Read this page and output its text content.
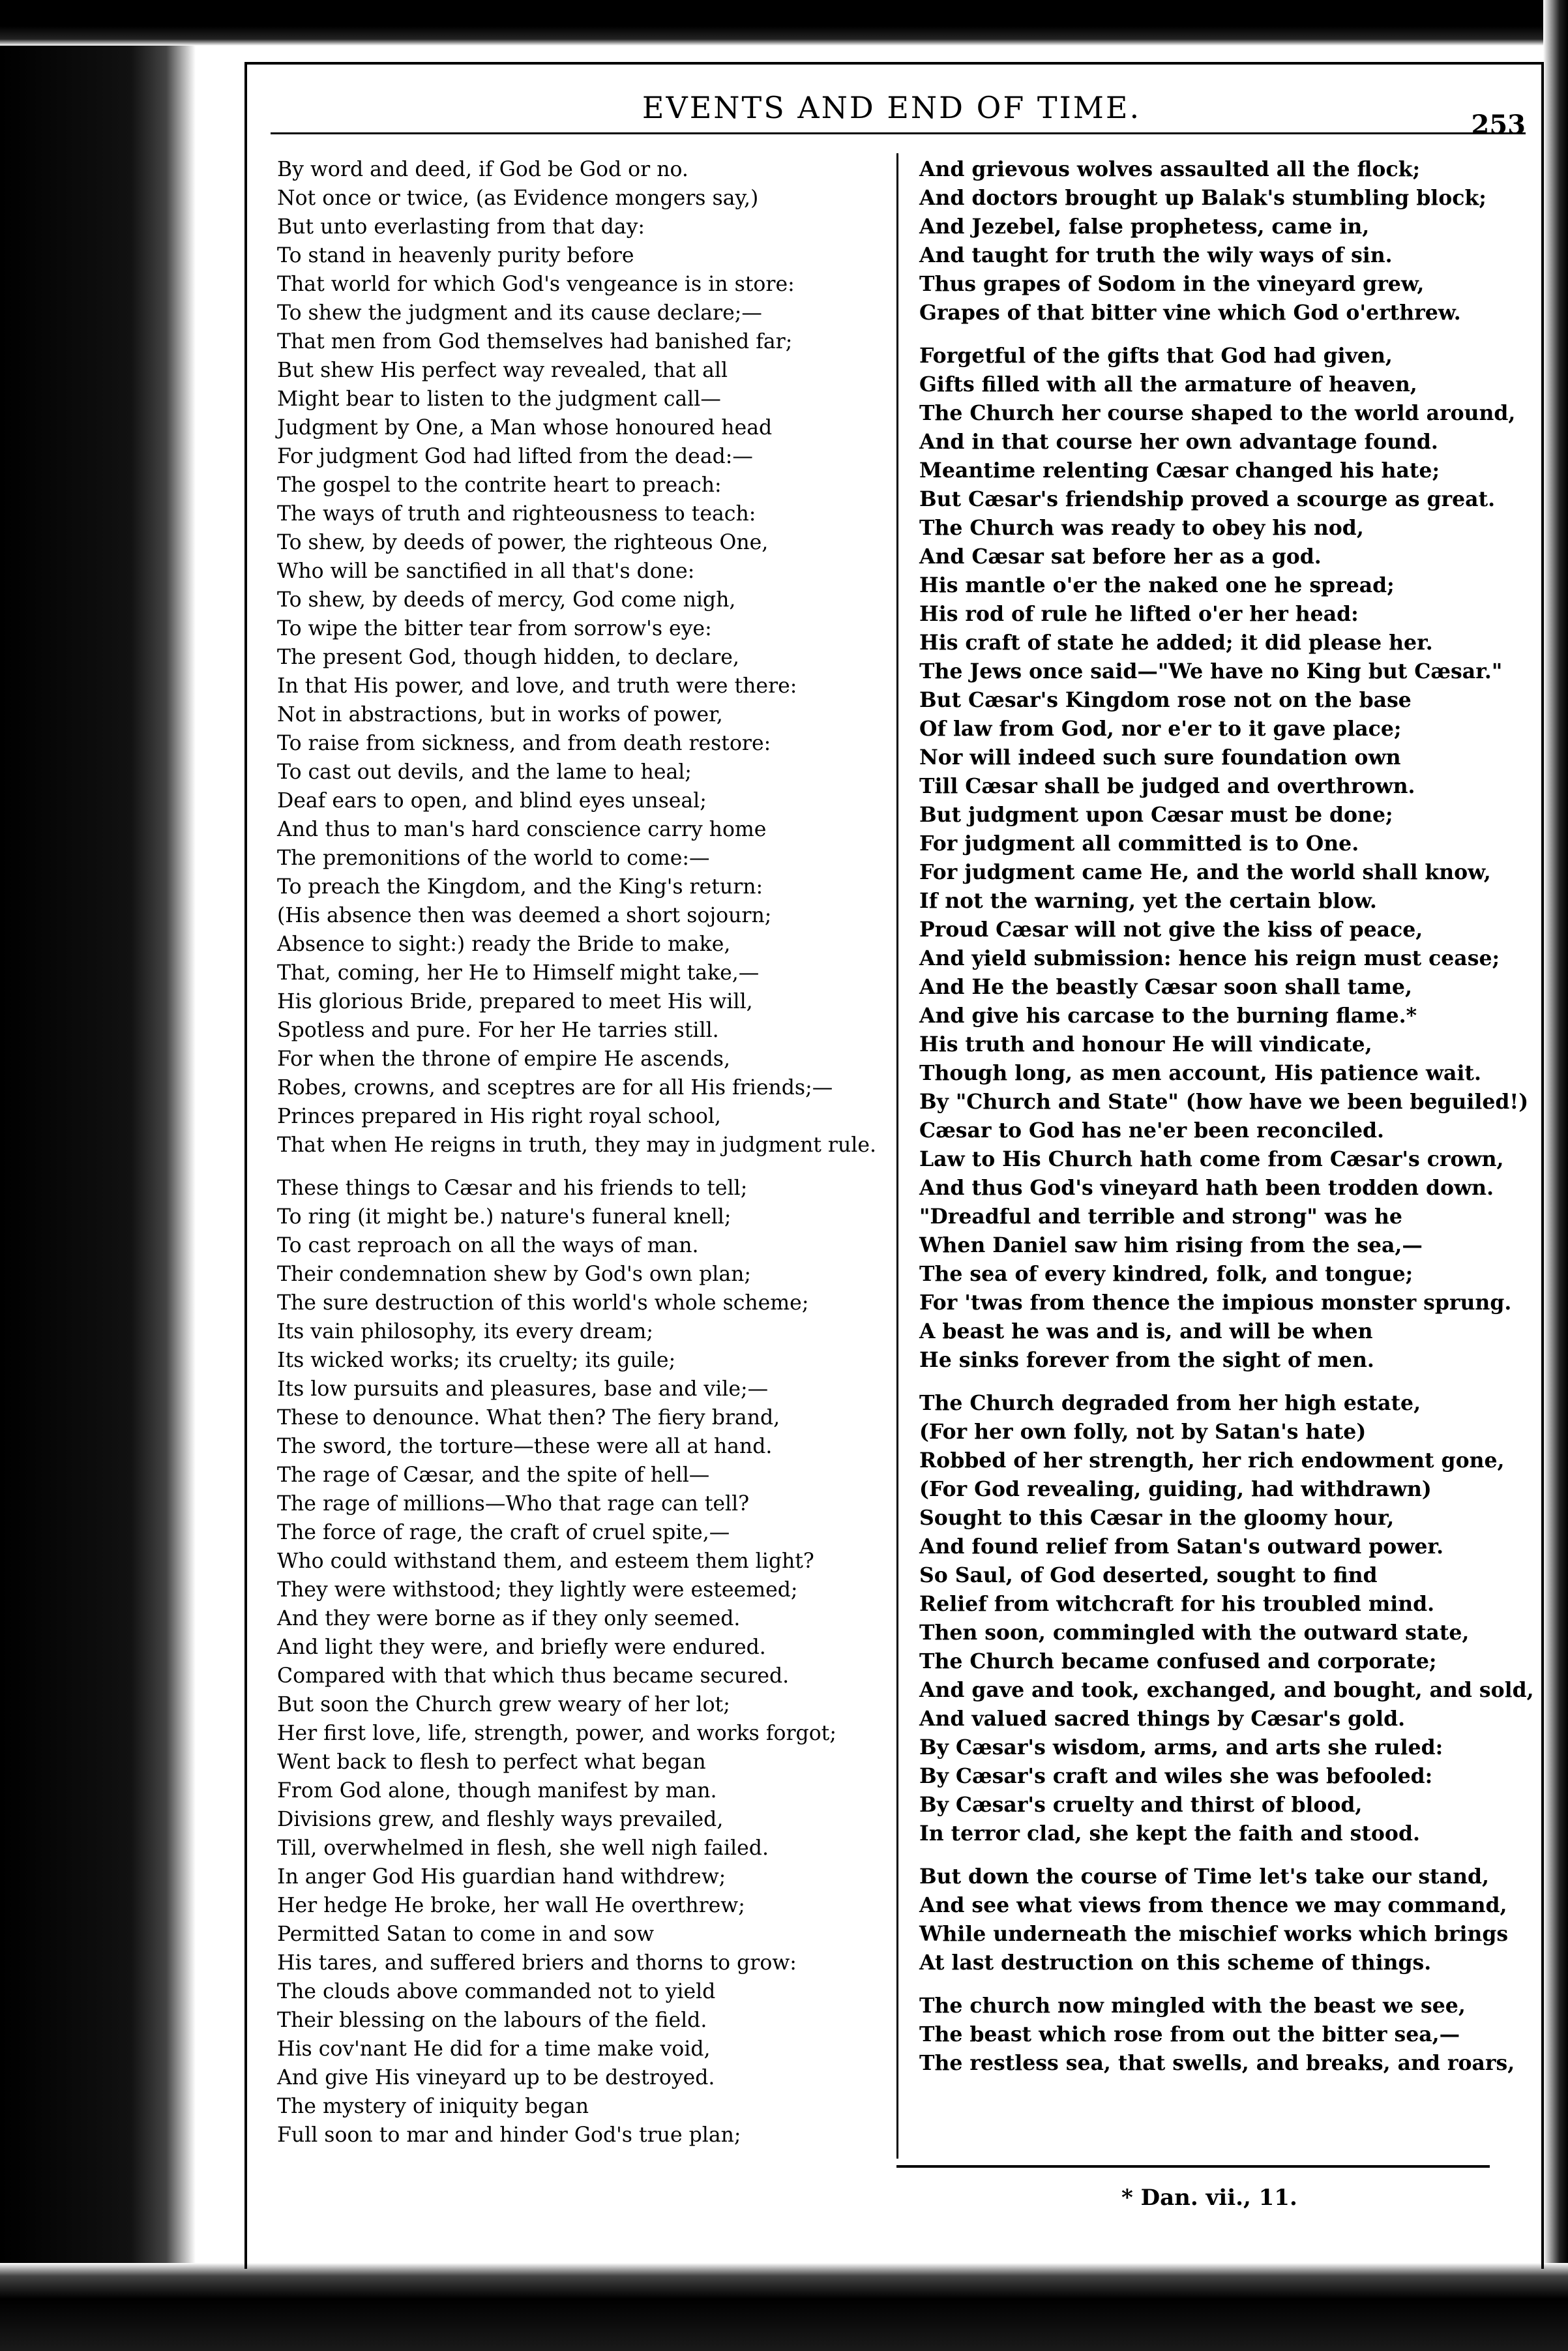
EVENTS AND END OF TIME.	253
By word and deed, if God be God or no.
Not once or twice, (as Evidence mongers say,)
But unto everlasting from that day:
To stand in heavenly purity before
That world for which God's vengeance is in store:
To shew the judgment and its cause declare;—
That men from God themselves had banished far;
But shew His perfect way revealed, that all
Might bear to listen to the judgment call—
Judgment by One, a Man whose honoured head
For judgment God had lifted from the dead:—
The gospel to the contrite heart to preach:
The ways of truth and righteousness to teach:
To shew, by deeds of power, the righteous One,
Who will be sanctified in all that's done:
To shew, by deeds of mercy, God come nigh,
To wipe the bitter tear from sorrow's eye:
The present God, though hidden, to declare,
In that His power, and love, and truth were there:
Not in abstractions, but in works of power,
To raise from sickness, and from death restore:
To cast out devils, and the lame to heal;
Deaf ears to open, and blind eyes unseal;
And thus to man's hard conscience carry home
The premonitions of the world to come:—
To preach the Kingdom, and the King's return:
(His absence then was deemed a short sojourn;
Absence to sight:) ready the Bride to make,
That, coming, her He to Himself might take,—
His glorious Bride, prepared to meet His will,
Spotless and pure. For her He tarries still.
For when the throne of empire He ascends,
Robes, crowns, and sceptres are for all His friends;—
Princes prepared in His right royal school,
That when He reigns in truth, they may in judgment rule.
These things to Cæsar and his friends to tell;
To ring (it might be.) nature's funeral knell;
To cast reproach on all the ways of man.
Their condemnation shew by God's own plan;
The sure destruction of this world's whole scheme;
Its vain philosophy, its every dream;
Its wicked works; its cruelty; its guile;
Its low pursuits and pleasures, base and vile;—
These to denounce. What then? The fiery brand,
The sword, the torture—these were all at hand.
The rage of Cæsar, and the spite of hell—
The rage of millions—Who that rage can tell?
The force of rage, the craft of cruel spite,—
Who could withstand them, and esteem them light?
They were withstood; they lightly were esteemed;
And they were borne as if they only seemed.
And light they were, and briefly were endured.
Compared with that which thus became secured.
But soon the Church grew weary of her lot;
Her first love, life, strength, power, and works forgot;
Went back to flesh to perfect what began
From God alone, though manifest by man.
Divisions grew, and fleshly ways prevailed,
Till, overwhelmed in flesh, she well nigh failed.
In anger God His guardian hand withdrew;
Her hedge He broke, her wall He overthrew;
Permitted Satan to come in and sow
His tares, and suffered briers and thorns to grow:
The clouds above commanded not to yield
Their blessing on the labours of the field.
His cov'nant He did for a time make void,
And give His vineyard up to be destroyed.
The mystery of iniquity began
Full soon to mar and hinder God's true plan;
And grievous wolves assaulted all the flock;
And doctors brought up Balak's stumbling block;
And Jezebel, false prophetess, came in,
And taught for truth the wily ways of sin.
Thus grapes of Sodom in the vineyard grew,
Grapes of that bitter vine which God o'erthrew.
Forgetful of the gifts that God had given,
Gifts filled with all the armature of heaven,
The Church her course shaped to the world around,
And in that course her own advantage found.
Meantime relenting Cæsar changed his hate;
But Cæsar's friendship proved a scourge as great.
The Church was ready to obey his nod,
And Cæsar sat before her as a god.
His mantle o'er the naked one he spread;
His rod of rule he lifted o'er her head:
His craft of state he added; it did please her.
The Jews once said—"We have no King but Cæsar."
But Cæsar's Kingdom rose not on the base
Of law from God, nor e'er to it gave place;
Nor will indeed such sure foundation own
Till Cæsar shall be judged and overthrown.
But judgment upon Cæsar must be done;
For judgment all committed is to One.
For judgment came He, and the world shall know,
If not the warning, yet the certain blow.
Proud Cæsar will not give the kiss of peace,
And yield submission: hence his reign must cease;
And He the beastly Cæsar soon shall tame,
And give his carcase to the burning flame.*
His truth and honour He will vindicate,
Though long, as men account, His patience wait.
By "Church and State" (how have we been beguiled!)
Cæsar to God has ne'er been reconciled.
Law to His Church hath come from Cæsar's crown,
And thus God's vineyard hath been trodden down.
"Dreadful and terrible and strong" was he
When Daniel saw him rising from the sea,—
The sea of every kindred, folk, and tongue;
For 'twas from thence the impious monster sprung.
A beast he was and is, and will be when
He sinks forever from the sight of men.
The Church degraded from her high estate,
(For her own folly, not by Satan's hate)
Robbed of her strength, her rich endowment gone,
(For God revealing, guiding, had withdrawn)
Sought to this Cæsar in the gloomy hour,
And found relief from Satan's outward power.
So Saul, of God deserted, sought to find
Relief from witchcraft for his troubled mind.
Then soon, commingled with the outward state,
The Church became confused and corporate;
And gave and took, exchanged, and bought, and sold,
And valued sacred things by Cæsar's gold.
By Cæsar's wisdom, arms, and arts she ruled:
By Cæsar's craft and wiles she was befooled:
By Cæsar's cruelty and thirst of blood,
In terror clad, she kept the faith and stood.
But down the course of Time let's take our stand,
And see what views from thence we may command,
While underneath the mischief works which brings
At last destruction on this scheme of things.
The church now mingled with the beast we see,
The beast which rose from out the bitter sea,—
The restless sea, that swells, and breaks, and roars,
* Dan. vii., 11.
